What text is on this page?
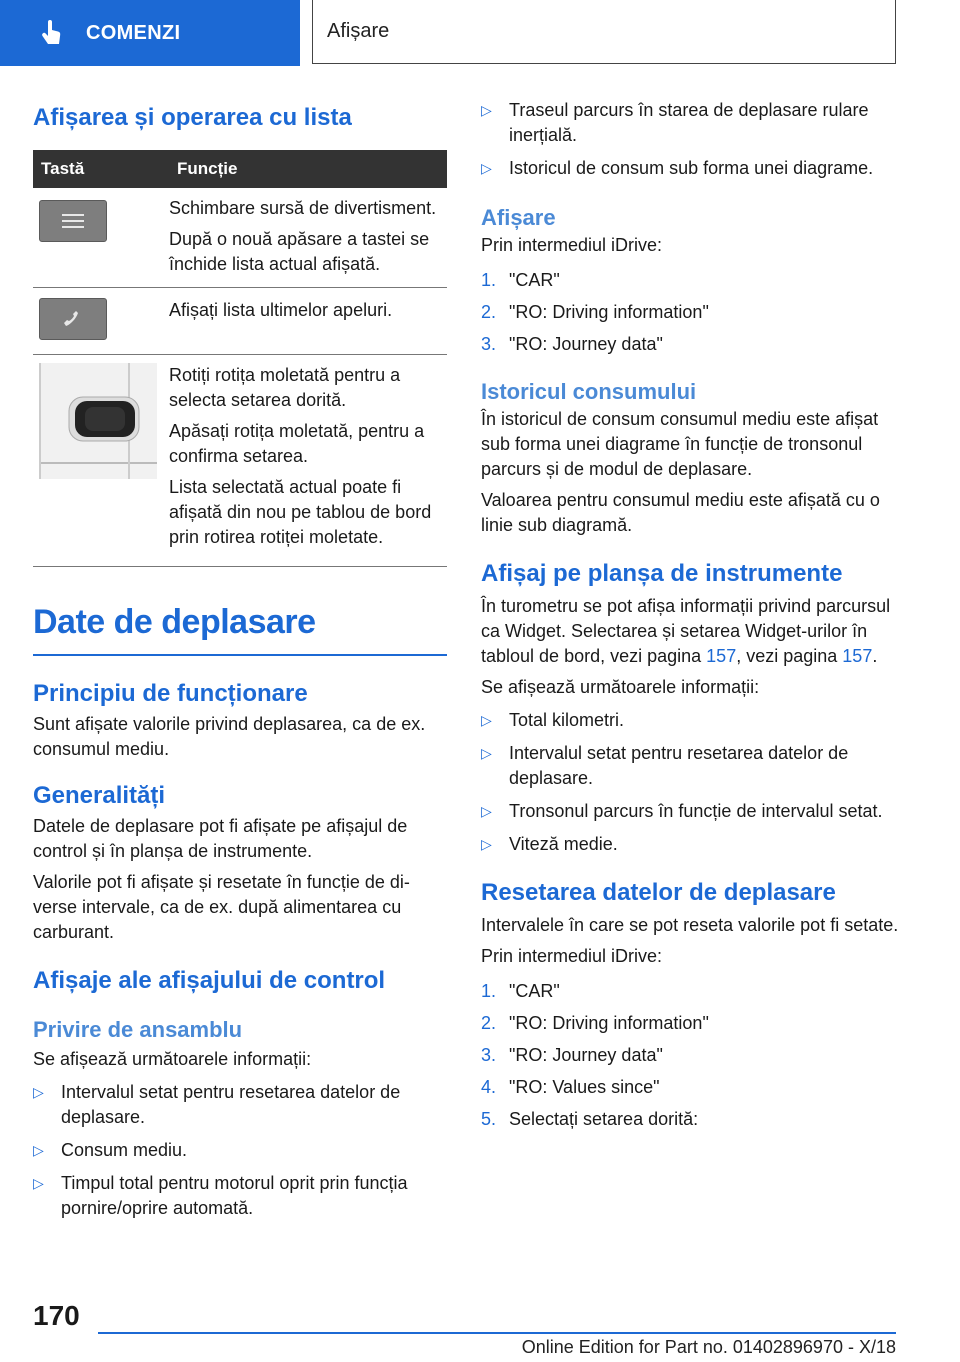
COMENZI	Afișare
Afișarea și operarea cu lista
Tastă	Funcție

Schimbare sursă de divertisment.

După o nouă apăsare a tastei se închide lista actual afișată.

Afișați lista ultimelor apeluri.

Rotiți rotița moletată pentru a selecta setarea dorită.

Apăsați rotița moletată, pentru a confirma setarea.

Lista selectată actual poate fi afișată din nou pe tablou de bord prin rotirea rotiței moletate.

Date de deplasare
Principiu de funcționare

Sunt afișate valorile privind deplasarea, ca de ex. consumul mediu.

Generalități

Datele de deplasare pot fi afișate pe afișajul de control și în planșa de instrumente.

Valorile pot fi afișate și resetate în funcție de diverse intervale, ca de ex. după alimentarea cu carburant.

Afișaje ale afișajului de control
Privire de ansamblu

Se afișează următoarele informații:

▷ Intervalul setat pentru resetarea datelor de deplasare.
▷ Consum mediu.
▷ Timpul total pentru motorul oprit prin funcția pornire/oprire automată.
▷ Traseul parcurs în starea de deplasare rulare inerțială.
▷ Istoricul de consum sub forma unei diagrame.
Afișare

Prin intermediul iDrive:

1. "CAR"
2. "RO: Driving information"
3. "RO: Journey data"
Istoricul consumului

În istoricul de consum consumul mediu este afișat sub forma unei diagrame în funcție de tronsonul parcurs și de modul de deplasare.

Valoarea pentru consumul mediu este afișată cu o linie sub diagramă.

Afișaj pe planșa de instrumente

În turometru se pot afișa informații privind parcursul ca Widget. Selectarea și setarea Widget-urilor în tabloul de bord, vezi pagina 157, vezi pagina 157.

Se afișează următoarele informații:

▷ Total kilometri.
▷ Intervalul setat pentru resetarea datelor de deplasare.
▷ Tronsonul parcurs în funcție de intervalul setat.
▷ Viteză medie.
Resetarea datelor de deplasare

Intervalele în care se pot reseta valorile pot fi setate.

Prin intermediul iDrive:

1. "CAR"
2. "RO: Driving information"
3. "RO: Journey data"
4. "RO: Values since"
5. Selectați setarea dorită:
170
Online Edition for Part no. 01402896970 - X/18
